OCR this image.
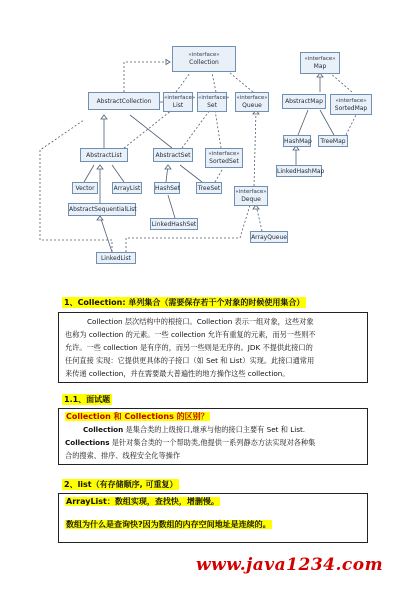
«interface»
Collection
AbstractCollection	«interface»
List
«interface»
Set
«interface»
Queue
«interface»
Map
AbstractMap	«interface»
SortedMap
HashMap TreeMap
LinkedHashMap
AbstractList	AbstractSet	«interface»
SortedSet
Vector	ArrayList HashSet	TreeSet
AbstractSequentialList
LinkedHashSet
«interface»
Deque
ArrayQueue
LinkedList
1、Collection: 单列集合（需要保存若干个对象的时候使用集合）
Collection 层次结构中的根接口。Collection 表示一组对象，这些对象
也称为 collection 的元素。一些 collection 允许有重复的元素，而另一些则不
允许。一些 collection 是有序的，而另一些则是无序的。JDK 不提供此接口的
任何直接 实现：它提供更具体的子接口（如 Set 和 List）实现。此接口通常用
来传递 collection，并在需要最大普遍性的地方操作这些 collection。
1.1、面试题
Collection 和 Collections 的区别？
Collection 是集合类的上级接口,继承与他的接口主要有 Set 和 List.
Collections 是针对集合类的一个帮助类,他提供一系列静态方法实现对各种集
合的搜索、排序、线程安全化等操作
2、list（有存储顺序, 可重复）
ArrayList：数组实现，查找快，增删慢。
数组为什么是查询快?因为数组的内存空间地址是连续的。
www.java1234.com
